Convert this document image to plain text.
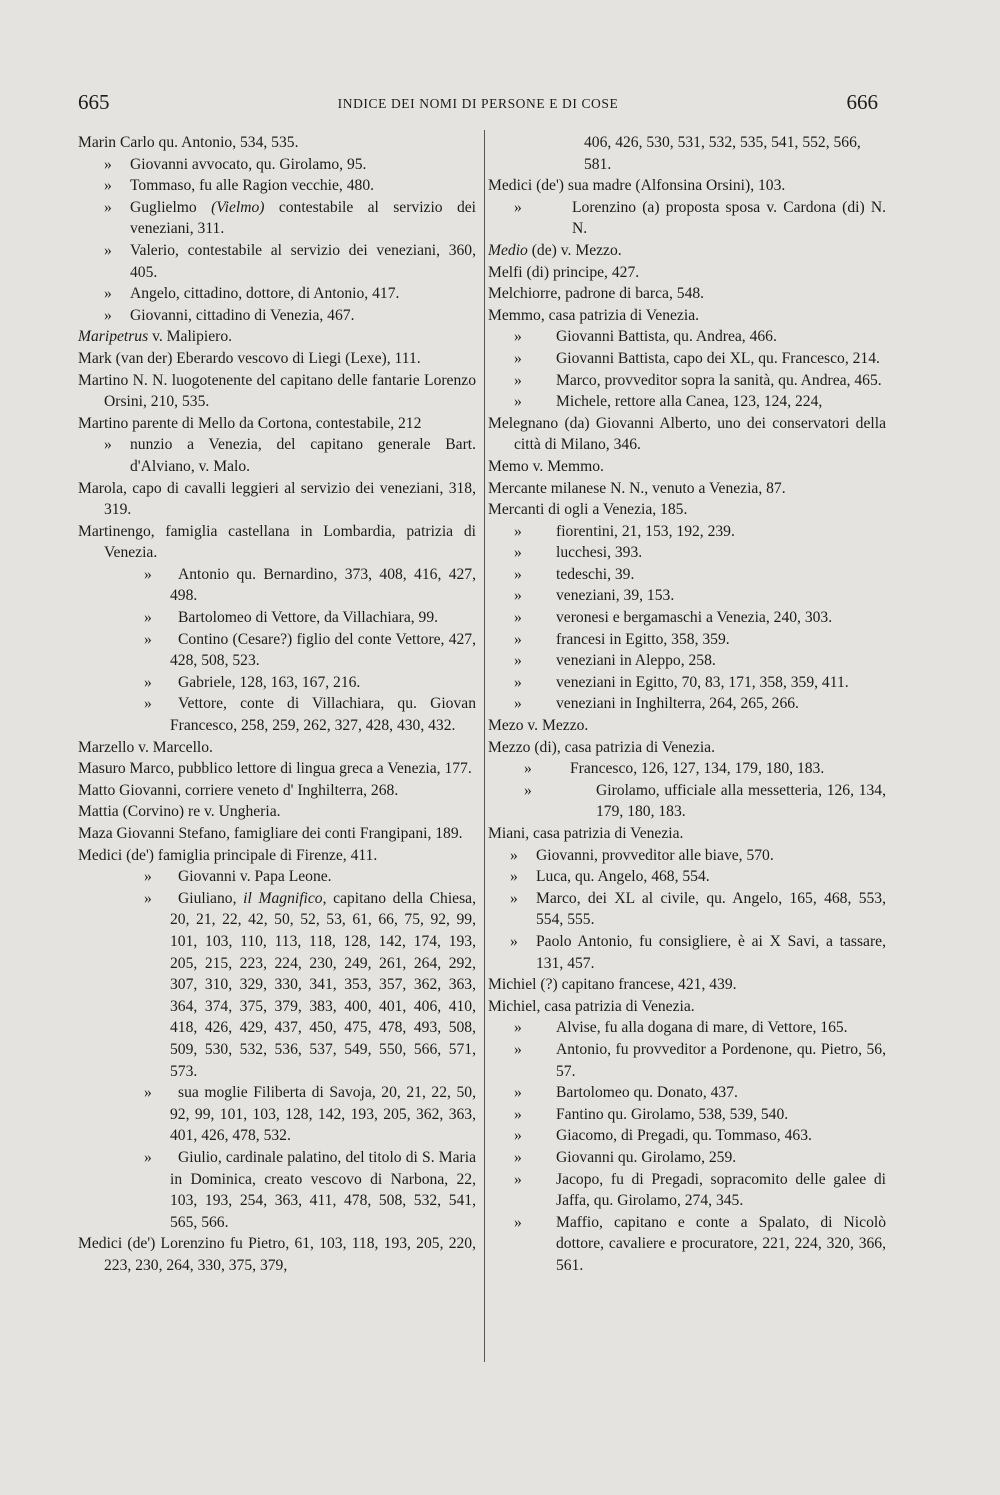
665	INDICE DEI NOMI DI PERSONE E DI COSE	666

Marin Carlo qu. Antonio, 534, 535.

» Giovanni avvocato, qu. Girolamo, 95.

» Tommaso, fu alle Ragion vecchie, 480.

» Guglielmo (Vielmo) contestabile al servizio dei veneziani, 311.

» Valerio, contestabile al servizio dei veneziani, 360, 405.

» Angelo, cittadino, dottore, di Antonio, 417.

» Giovanni, cittadino di Venezia, 467.

Maripetrus v. Malipiero.

Mark (van der) Eberardo vescovo di Liegi (Lexe), 111.

Martino N. N. luogotenente del capitano delle fantarie Lorenzo Orsini, 210, 535.

Martino parente di Mello da Cortona, contestabile, 212

» nunzio a Venezia, del capitano generale Bart. d'Alviano, v. Malo.

Marola, capo di cavalli leggieri al servizio dei veneziani, 318, 319.

Martinengo, famiglia castellana in Lombardia, patrizia di Venezia.

» Antonio qu. Bernardino, 373, 408, 416, 427, 498.

» Bartolomeo di Vettore, da Villachiara, 99.

» Contino (Cesare?) figlio del conte Vettore, 427, 428, 508, 523.

» Gabriele, 128, 163, 167, 216.

» Vettore, conte di Villachiara, qu. Giovan Francesco, 258, 259, 262, 327, 428, 430, 432.

Marzello v. Marcello.

Masuro Marco, pubblico lettore di lingua greca a Venezia, 177.

Matto Giovanni, corriere veneto d' Inghilterra, 268.

Mattia (Corvino) re v. Ungheria.

Maza Giovanni Stefano, famigliare dei conti Frangipani, 189.

Medici (de') famiglia principale di Firenze, 411.

» Giovanni v. Papa Leone.

» Giuliano, il Magnifico, capitano della Chiesa, 20, 21, 22, 42, 50, 52, 53, 61, 66, 75, 92, 99, 101, 103, 110, 113, 118, 128, 142, 174, 193, 205, 215, 223, 224, 230, 249, 261, 264, 292, 307, 310, 329, 330, 341, 353, 357, 362, 363, 364, 374, 375, 379, 383, 400, 401, 406, 410, 418, 426, 429, 437, 450, 475, 478, 493, 508, 509, 530, 532, 536, 537, 549, 550, 566, 571, 573.

» sua moglie Filiberta di Savoja, 20, 21, 22, 50, 92, 99, 101, 103, 128, 142, 193, 205, 362, 363, 401, 426, 478, 532.

» Giulio, cardinale palatino, del titolo di S. Maria in Dominica, creato vescovo di Narbona, 22, 103, 193, 254, 363, 411, 478, 508, 532, 541, 565, 566.

Medici (de') Lorenzino fu Pietro, 61, 103, 118, 193, 205, 220, 223, 230, 264, 330, 375, 379,

406, 426, 530, 531, 532, 535, 541, 552, 566, 581.

Medici (de') sua madre (Alfonsina Orsini), 103.

»	Lorenzino (a) proposta sposa v. Cardona (di) N. N.

Medio (de) v. Mezzo.

Melfi (di) principe, 427.

Melchiorre, padrone di barca, 548.

Memmo, casa patrizia di Venezia.

» Giovanni Battista, qu. Andrea, 466.

» Giovanni Battista, capo dei XL, qu. Francesco, 214.

» Marco, provveditor sopra la sanità, qu. Andrea, 465.

» Michele, rettore alla Canea, 123, 124, 224,

Melegnano (da) Giovanni Alberto, uno dei conservatori della città di Milano, 346.

Memo v. Memmo.

Mercante milanese N. N., venuto a Venezia, 87.

Mercanti di ogli a Venezia, 185.

» fiorentini, 21, 153, 192, 239.

» lucchesi, 393.

» tedeschi, 39.

» veneziani, 39, 153.

» veronesi e bergamaschi a Venezia, 240, 303.

» francesi in Egitto, 358, 359.

» veneziani in Aleppo, 258.

» veneziani in Egitto, 70, 83, 171, 358, 359, 411.

» veneziani in Inghilterra, 264, 265, 266.

Mezo v. Mezzo.

Mezzo (di), casa patrizia di Venezia.

» Francesco, 126, 127, 134, 179, 180, 183.

»	Girolamo, ufficiale alla messetteria, 126, 134, 179, 180, 183.

Miani, casa patrizia di Venezia.

» Giovanni, provveditor alle biave, 570.

» Luca, qu. Angelo, 468, 554.

» Marco, dei XL al civile, qu. Angelo, 165, 468, 553, 554, 555.

» Paolo Antonio, fu consigliere, è ai X Savi, a tassare, 131, 457.

Michiel (?) capitano francese, 421, 439.

Michiel, casa patrizia di Venezia.

» Alvise, fu alla dogana di mare, di Vettore, 165.

» Antonio, fu provveditor a Pordenone, qu. Pietro, 56, 57.

» Bartolomeo qu. Donato, 437.

» Fantino qu. Girolamo, 538, 539, 540.

» Giacomo, di Pregadi, qu. Tommaso, 463.

» Giovanni qu. Girolamo, 259.

» Jacopo, fu di Pregadi, sopracomito delle galee di Jaffa, qu. Girolamo, 274, 345.

» Maffio, capitano e conte a Spalato, di Nicolò dottore, cavaliere e procuratore, 221, 224, 320, 366, 561.
